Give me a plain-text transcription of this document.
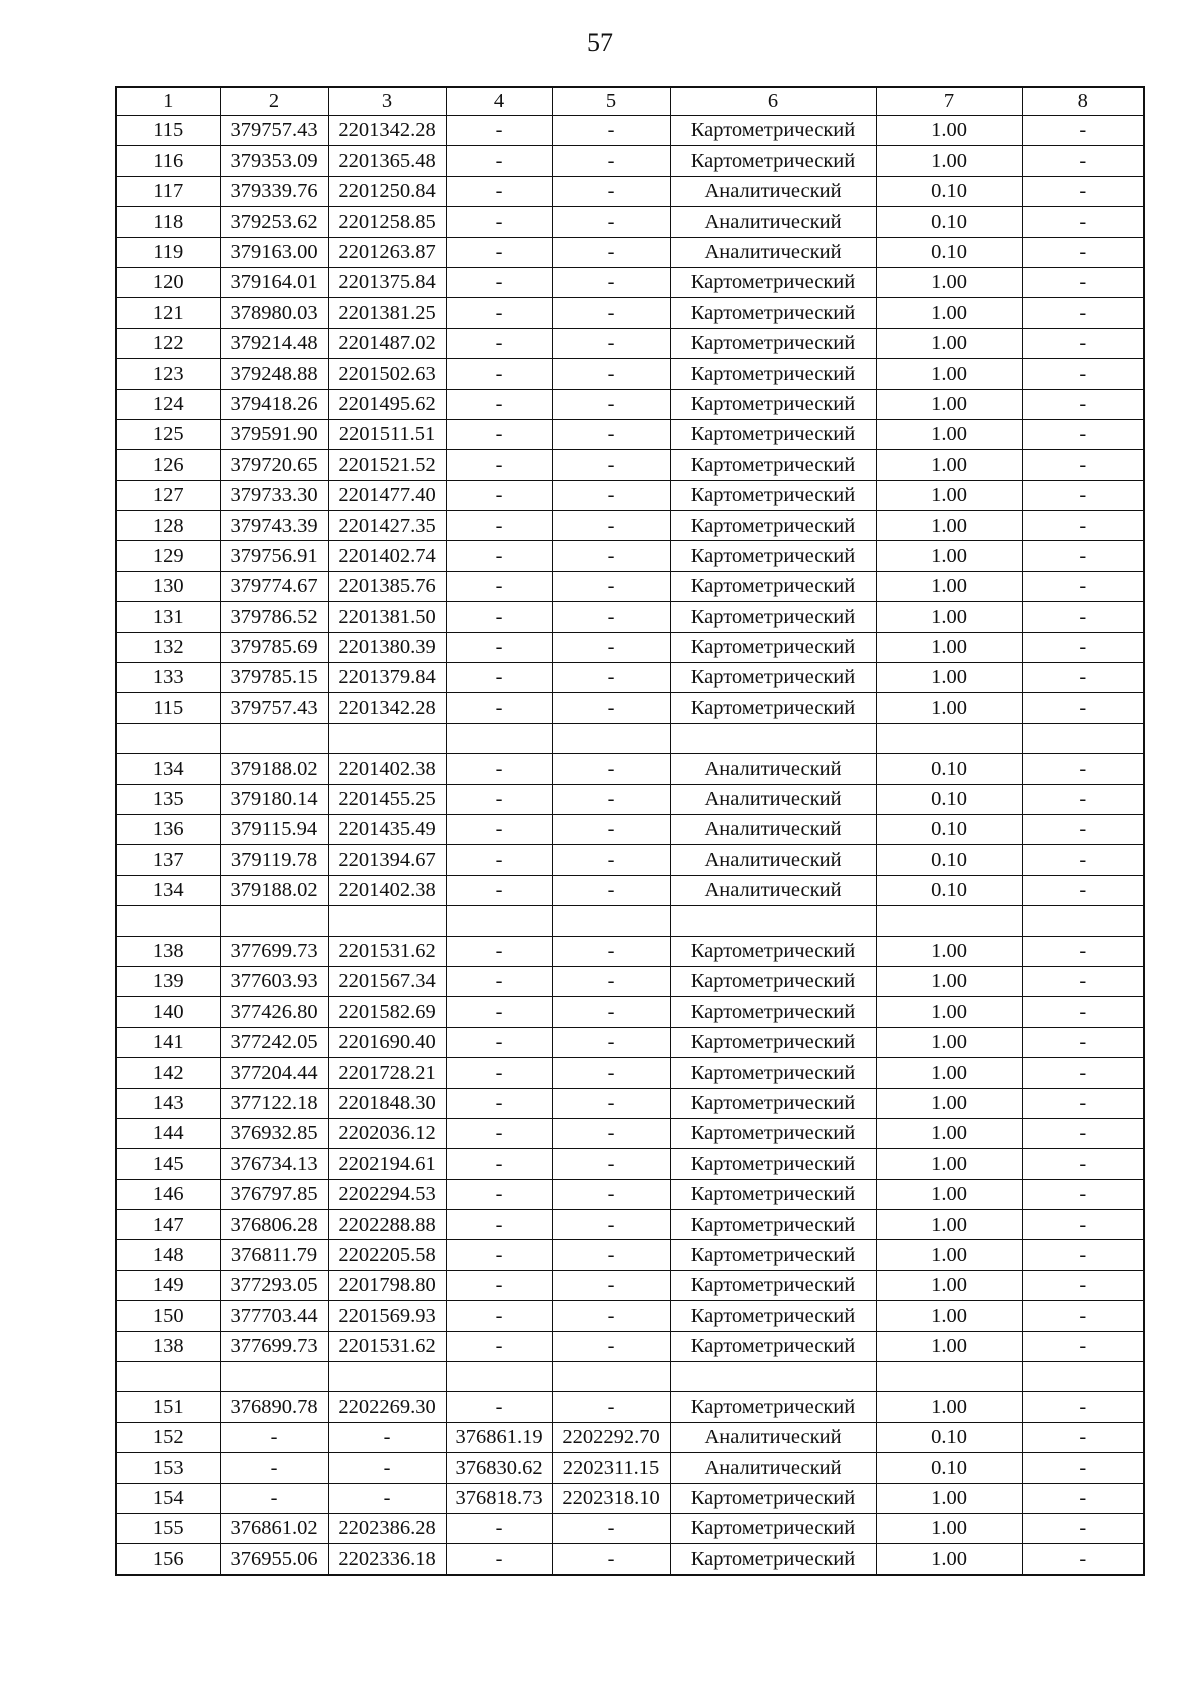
57
1	2	3	4	5	6	7	8
115	379757.43	2201342.28	-	-	Картометрический	1.00	-
116	379353.09	2201365.48	-	-	Картометрический	1.00	-
117	379339.76	2201250.84	-	-	Аналитический	0.10	-
118	379253.62	2201258.85	-	-	Аналитический	0.10	-
119	379163.00	2201263.87	-	-	Аналитический	0.10	-
120	379164.01	2201375.84	-	-	Картометрический	1.00	-
121	378980.03	2201381.25	-	-	Картометрический	1.00	-
122	379214.48	2201487.02	-	-	Картометрический	1.00	-
123	379248.88	2201502.63	-	-	Картометрический	1.00	-
124	379418.26	2201495.62	-	-	Картометрический	1.00	-
125	379591.90	2201511.51	-	-	Картометрический	1.00	-
126	379720.65	2201521.52	-	-	Картометрический	1.00	-
127	379733.30	2201477.40	-	-	Картометрический	1.00	-
128	379743.39	2201427.35	-	-	Картометрический	1.00	-
129	379756.91	2201402.74	-	-	Картометрический	1.00	-
130	379774.67	2201385.76	-	-	Картометрический	1.00	-
131	379786.52	2201381.50	-	-	Картометрический	1.00	-
132	379785.69	2201380.39	-	-	Картометрический	1.00	-
133	379785.15	2201379.84	-	-	Картометрический	1.00	-
115	379757.43	2201342.28	-	-	Картометрический	1.00	-

134	379188.02	2201402.38	-	-	Аналитический	0.10	-
135	379180.14	2201455.25	-	-	Аналитический	0.10	-
136	379115.94	2201435.49	-	-	Аналитический	0.10	-
137	379119.78	2201394.67	-	-	Аналитический	0.10	-
134	379188.02	2201402.38	-	-	Аналитический	0.10	-

138	377699.73	2201531.62	-	-	Картометрический	1.00	-
139	377603.93	2201567.34	-	-	Картометрический	1.00	-
140	377426.80	2201582.69	-	-	Картометрический	1.00	-
141	377242.05	2201690.40	-	-	Картометрический	1.00	-
142	377204.44	2201728.21	-	-	Картометрический	1.00	-
143	377122.18	2201848.30	-	-	Картометрический	1.00	-
144	376932.85	2202036.12	-	-	Картометрический	1.00	-
145	376734.13	2202194.61	-	-	Картометрический	1.00	-
146	376797.85	2202294.53	-	-	Картометрический	1.00	-
147	376806.28	2202288.88	-	-	Картометрический	1.00	-
148	376811.79	2202205.58	-	-	Картометрический	1.00	-
149	377293.05	2201798.80	-	-	Картометрический	1.00	-
150	377703.44	2201569.93	-	-	Картометрический	1.00	-
138	377699.73	2201531.62	-	-	Картометрический	1.00	-

151	376890.78	2202269.30	-	-	Картометрический	1.00	-
152	-	-	376861.19	2202292.70	Аналитический	0.10	-
153	-	-	376830.62	2202311.15	Аналитический	0.10	-
154	-	-	376818.73	2202318.10	Картометрический	1.00	-
155	376861.02	2202386.28	-	-	Картометрический	1.00	-
156	376955.06	2202336.18	-	-	Картометрический	1.00	-
